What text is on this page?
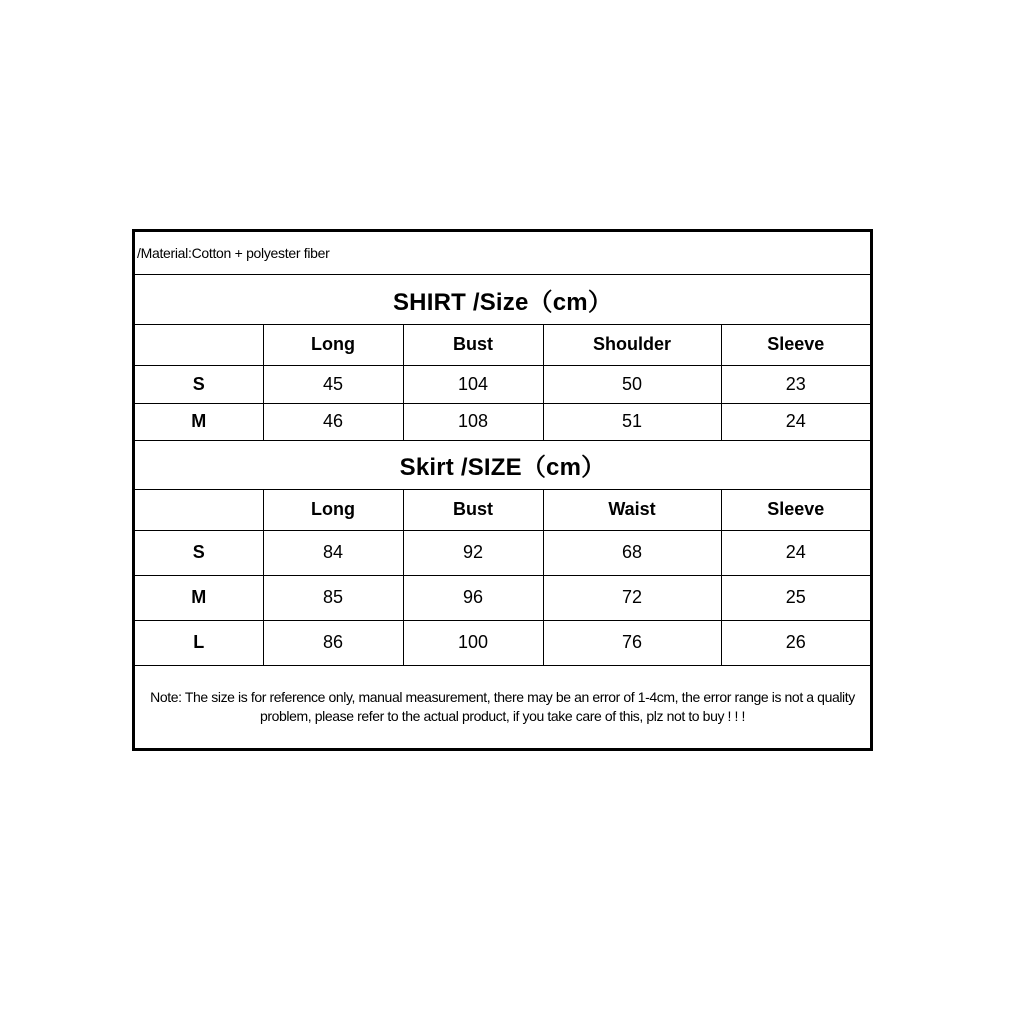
/Material:Cotton + polyester fiber				
SHIRT /Size（cm）				
	Long	Bust	Shoulder	Sleeve
S	45	104	50	23
M	46	108	51	24
Skirt /SIZE（cm）				
	Long	Bust	Waist	Sleeve
S	84	92	68	24
M	85	96	72	25
L	86	100	76	26
Note: The size is for reference only, manual measurement, there may be an error of 1-4cm, the error range is not a quality problem, please refer to the actual product, if you take care of this, plz not to buy ! ! !				
